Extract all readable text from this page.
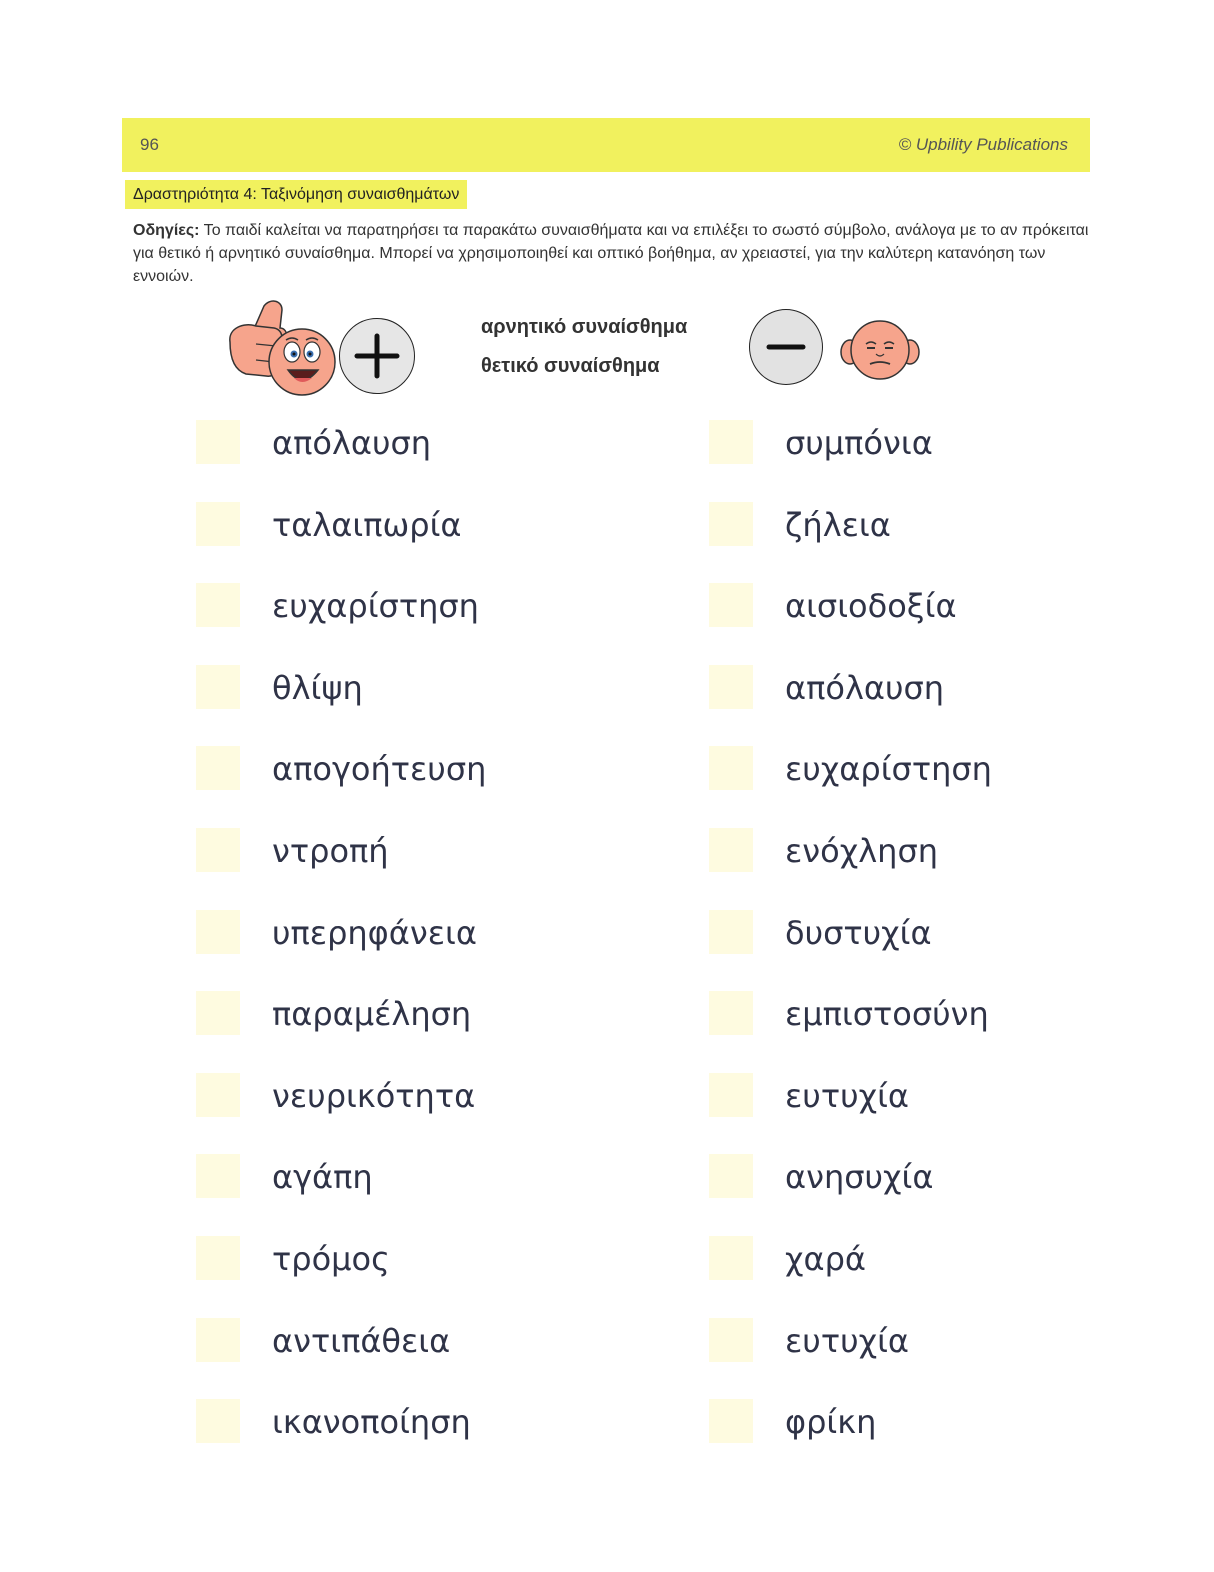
96	© Upbility Publications
Δραστηριότητα 4: Ταξινόμηση συναισθημάτων
Οδηγίες: Το παιδί καλείται να παρατηρήσει τα παρακάτω συναισθήματα και να επιλέξει το σωστό σύμβολο, ανάλογα με το αν πρόκειται για θετικό ή αρνητικό συναίσθημα. Μπορεί να χρησιμοποιηθεί και οπτικό βοήθημα, αν χρειαστεί, για την καλύτερη κατανόηση των εννοιών.
αρνητικό συναίσθημα
θετικό συναίσθημα
απόλαυση
ταλαιπωρία
ευχαρίστηση
θλίψη
απογοήτευση
ντροπή
υπερηφάνεια
παραμέληση
νευρικότητα
αγάπη
τρόμος
αντιπάθεια
ικανοποίηση
συμπόνια
ζήλεια
αισιοδοξία
απόλαυση
ευχαρίστηση
ενόχληση
δυστυχία
εμπιστοσύνη
ευτυχία
ανησυχία
χαρά
ευτυχία
φρίκη
